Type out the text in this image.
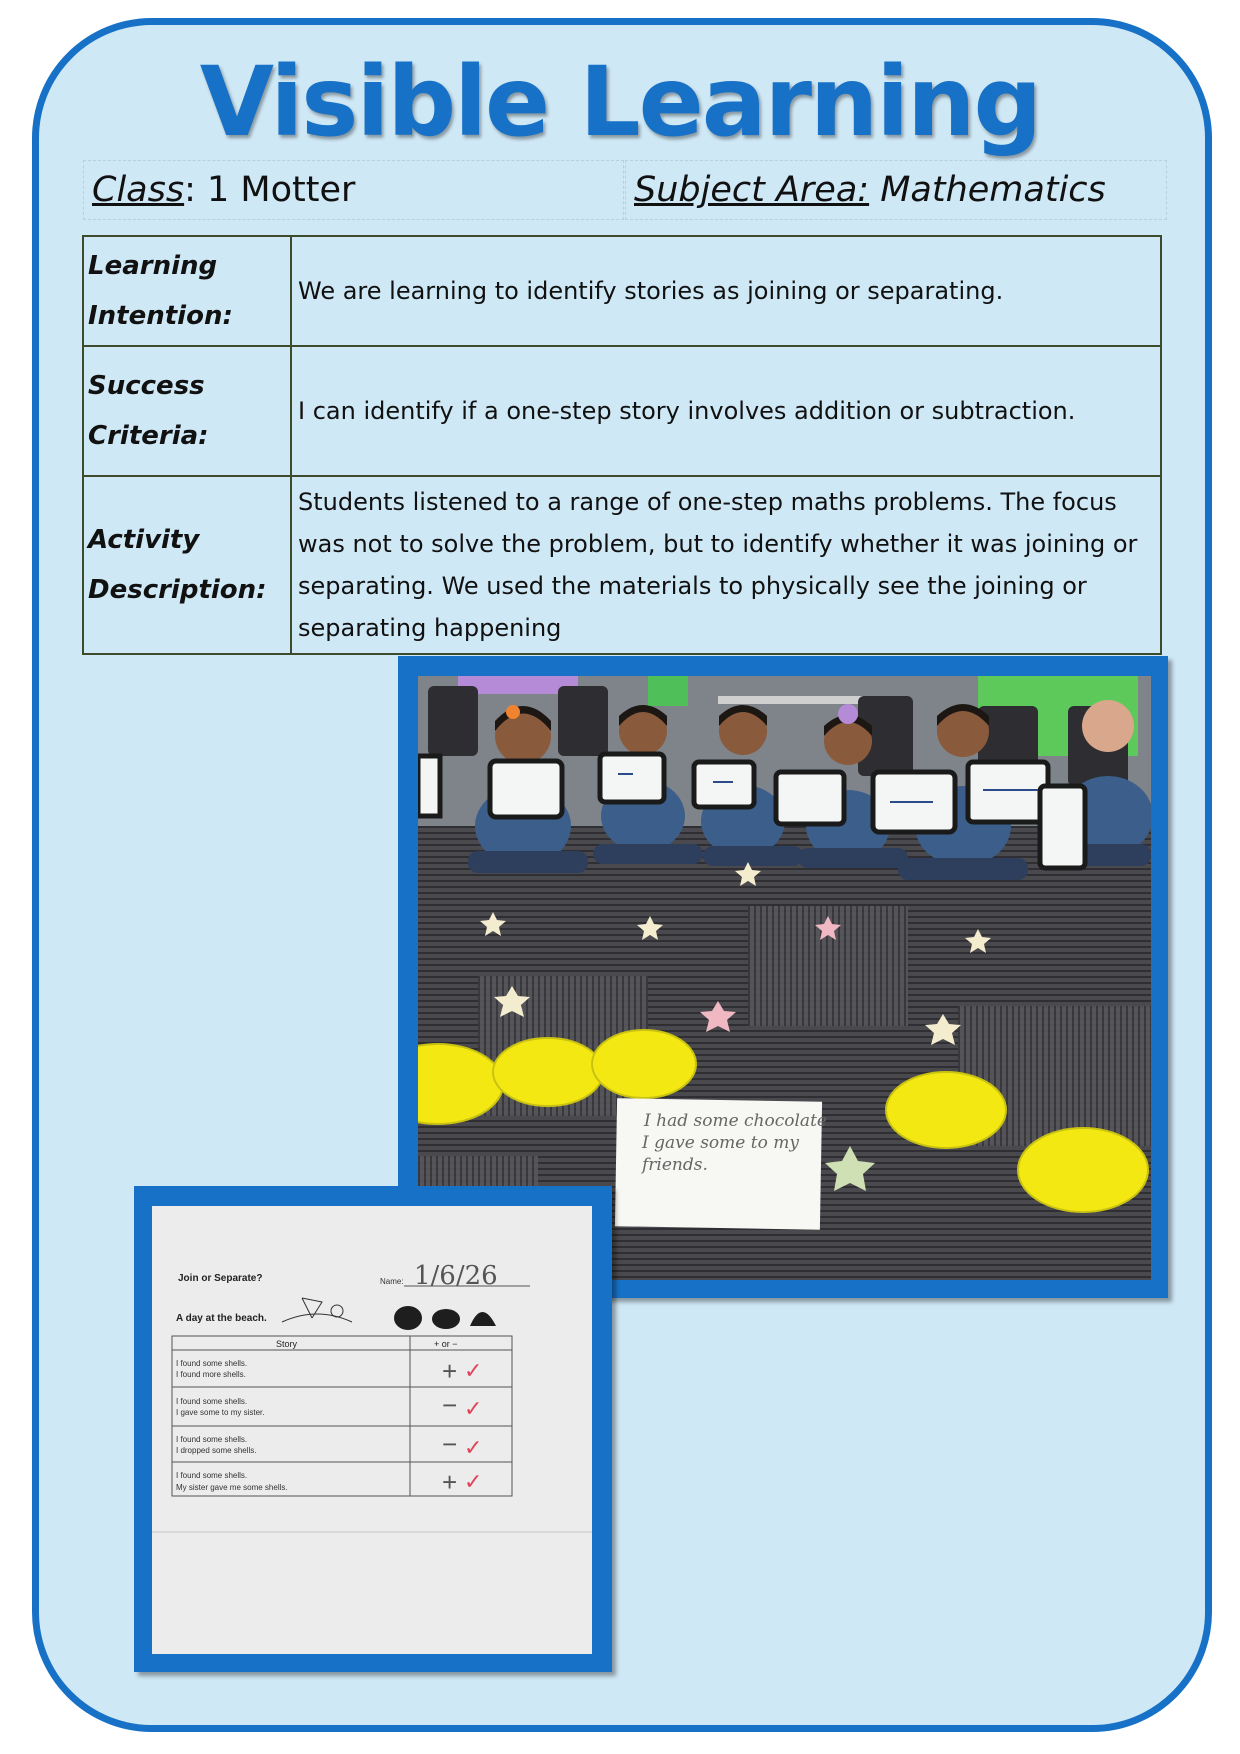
Visible Learning
Class : 1 Motter	Subject Area:
Mathematics
Learning
Intention:	We are learning to identify stories as joining or separating.

Success
Criteria:	I can identify if a one-step story involves addition or subtraction.

Activity
Description:	Students listened to a range of one-step maths problems. The focus was not to solve the problem, but to identify whether it was joining or separating. We used the materials to physically see the joining or separating happening
I had some chocolate
I gave some to my
friends.
Join or Separate?	Name: 1/6/26
A day at the beach.
Story	+ or −
I found some shells.
I found more shells.	+ ✓
I found some shells.
I gave some to my sister.	− ✓
I found some shells.
I dropped some shells.	− ✓
I found some shells.
My sister gave me some shells.	+ ✓
